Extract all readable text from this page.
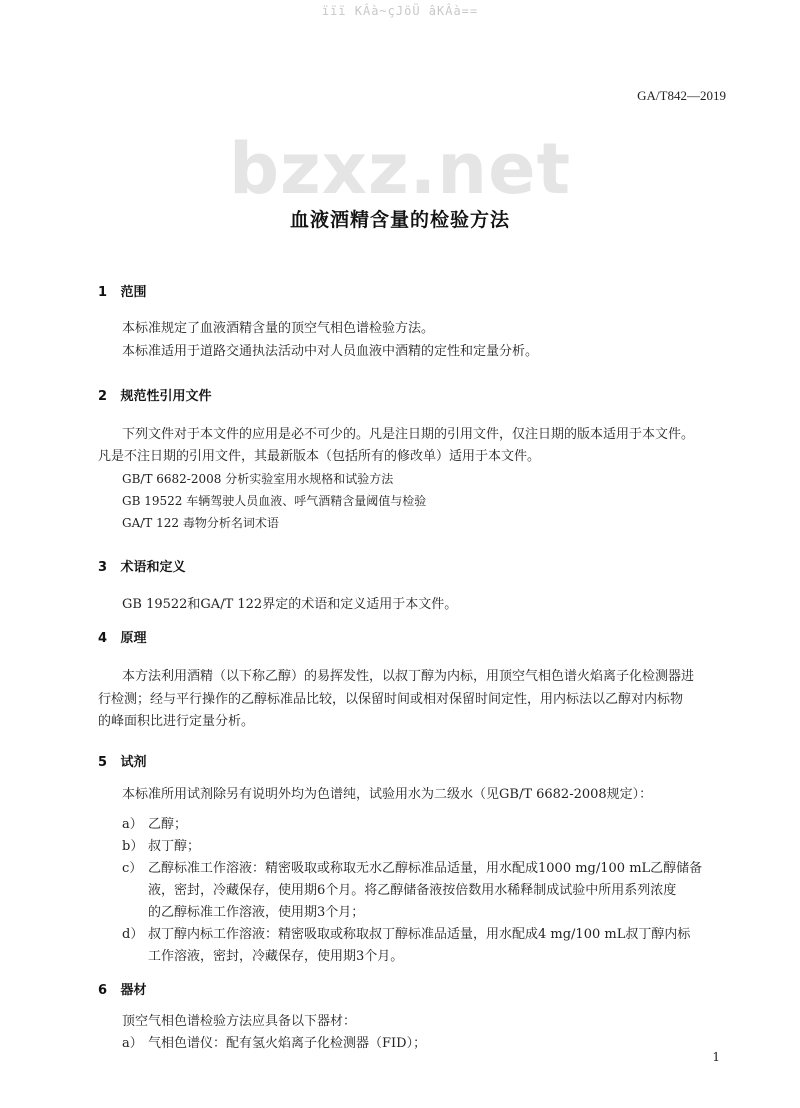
ïïï KÂà~çJöÜ âKÂà==
GA/T842—2019
bzxz.net
血液酒精含量的检验方法
1 范围
本标准规定了血液酒精含量的顶空气相色谱检验方法。
本标准适用于道路交通执法活动中对人员血液中酒精的定性和定量分析。
2 规范性引用文件
下列文件对于本文件的应用是必不可少的。凡是注日期的引用文件，仅注日期的版本适用于本文件。
凡是不注日期的引用文件，其最新版本（包括所有的修改单）适用于本文件。
GB/T 6682-2008 分析实验室用水规格和试验方法
GB 19522 车辆驾驶人员血液、呼气酒精含量阈值与检验
GA/T 122 毒物分析名词术语
3 术语和定义
GB 19522和GA/T 122界定的术语和定义适用于本文件。
4 原理
本方法利用酒精（以下称乙醇）的易挥发性，以叔丁醇为内标，用顶空气相色谱火焰离子化检测器进
行检测；经与平行操作的乙醇标准品比较，以保留时间或相对保留时间定性，用内标法以乙醇对内标物
的峰面积比进行定量分析。
5 试剂
本标准所用试剂除另有说明外均为色谱纯，试验用水为二级水（见GB/T 6682-2008规定）：
a） 乙醇；
b） 叔丁醇；
c） 乙醇标准工作溶液：精密吸取或称取无水乙醇标准品适量，用水配成1000 mg/100 mL乙醇储备
液，密封，冷藏保存，使用期6个月。将乙醇储备液按倍数用水稀释制成试验中所用系列浓度
的乙醇标准工作溶液，使用期3个月；
d） 叔丁醇内标工作溶液：精密吸取或称取叔丁醇标准品适量，用水配成4 mg/100 mL叔丁醇内标
工作溶液，密封，冷藏保存，使用期3个月。
6 器材
顶空气相色谱检验方法应具备以下器材：
a） 气相色谱仪：配有氢火焰离子化检测器（FID）；
1
